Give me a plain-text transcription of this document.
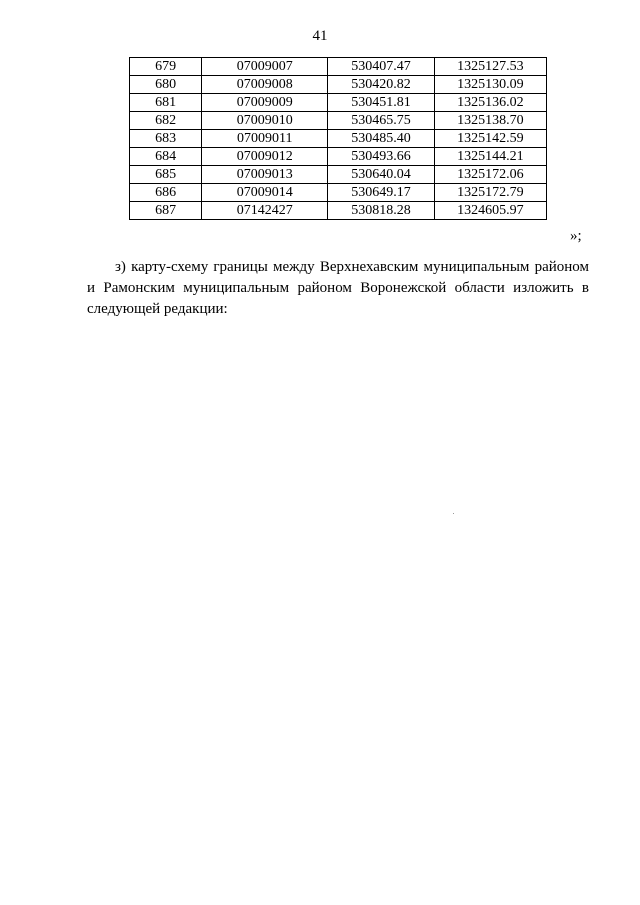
41
679	07009007	530407.47	1325127.53
680	07009008	530420.82	1325130.09
681	07009009	530451.81	1325136.02
682	07009010	530465.75	1325138.70
683	07009011	530485.40	1325142.59
684	07009012	530493.66	1325144.21
685	07009013	530640.04	1325172.06
686	07009014	530649.17	1325172.79
687	07142427	530818.28	1324605.97
»;

з) карту-схему границы между Верхнехавским муниципальным районом и Рамонским муниципальным районом Воронежской области изложить в следующей редакции:
